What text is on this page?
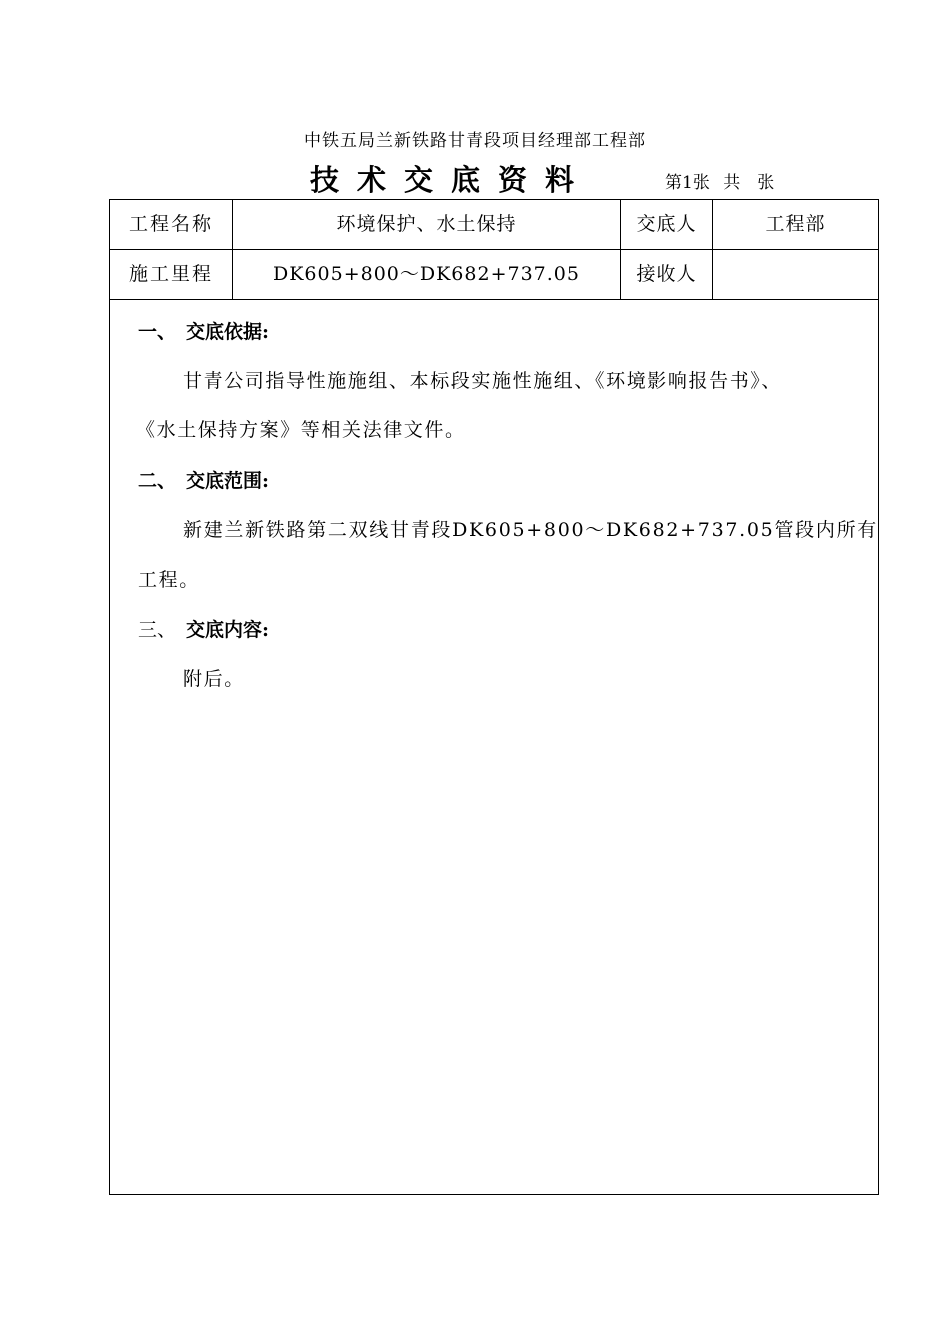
中铁五局兰新铁路甘青段项目经理部工程部
技术交底资料	第1张 共　张
工程名称	环境保护、水土保持	交底人	工程部
施工里程	DK605+800～DK682+737.05	接收人
一、 交底依据:
甘青公司指导性施施组、本标段实施性施组、《环境影响报告书》、
《水土保持方案》等相关法律文件。
二、 交底范围:
新建兰新铁路第二双线甘青段DK605+800～DK682+737.05管段内所有
工程。
三、 交底内容:
附后。
